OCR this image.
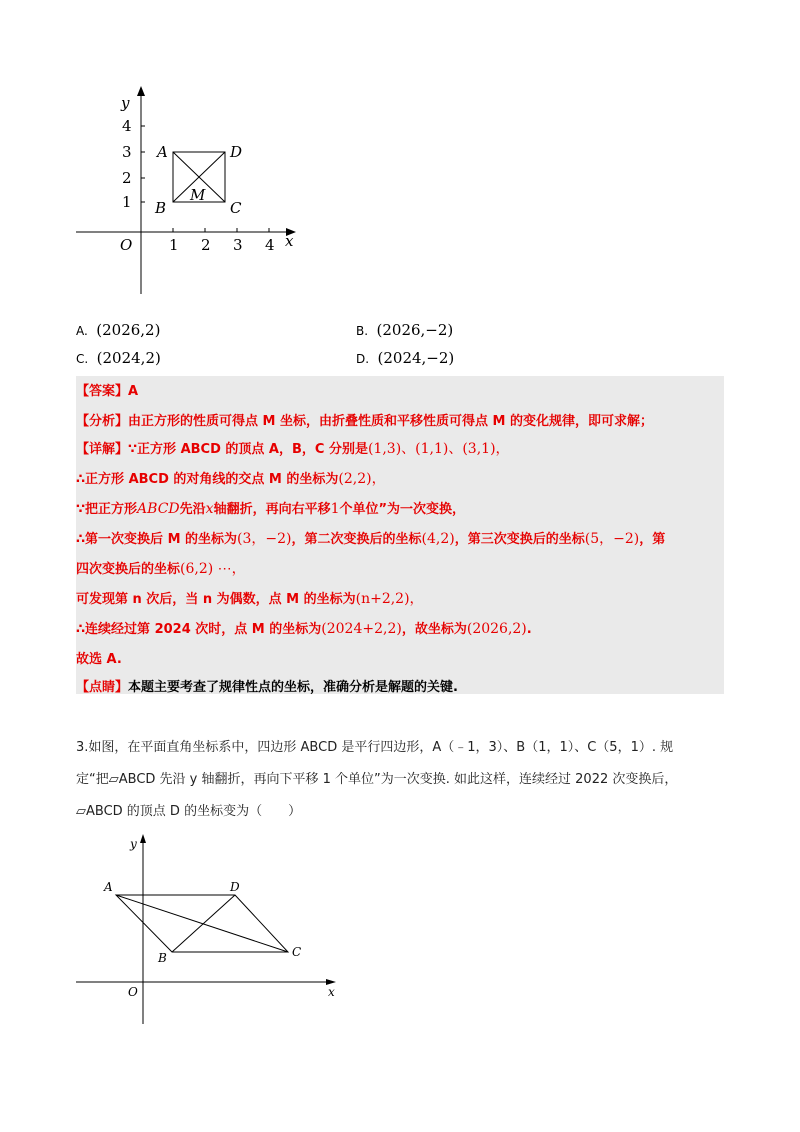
1 2 3 4
1
2
3
4
O	x
y
A	D
B	C
M
A. (2026,2)	B. (2026,−2)
C. (2024,2)	D. (2024,−2)
【答案】A
【分析】由正方形的性质可得点 M 坐标，由折叠性质和平移性质可得点 M 的变化规律，即可求解；
【详解】∵正方形 ABCD 的顶点 A，B，C 分别是(1,3)、(1,1)、(3,1)，
∴正方形 ABCD 的对角线的交点 M 的坐标为(2,2)，
∵把正方形ABCD先沿x轴翻折，再向右平移1个单位”为一次变换，
∴第一次变换后 M 的坐标为(3，−2)，第二次变换后的坐标(4,2)，第三次变换后的坐标(5，−2)，第
四次变换后的坐标(6,2) ⋯，
可发现第 n 次后，当 n 为偶数，点 M 的坐标为(n+2,2)，
∴连续经过第 2024 次时，点 M 的坐标为(2024+2,2)，故坐标为(2026,2).
故选 A.
【点睛】本题主要考查了规律性点的坐标，准确分析是解题的关键.
3.如图，在平面直角坐标系中，四边形 ABCD 是平行四边形，A（﹣1，3）、B（1，1）、C（5，1）. 规
定“把▱ABCD 先沿 y 轴翻折，再向下平移 1 个单位”为一次变换. 如此这样，连续经过 2022 次变换后，
▱ABCD 的顶点 D 的坐标变为（　　）
A	D
B	C
O	x
y
